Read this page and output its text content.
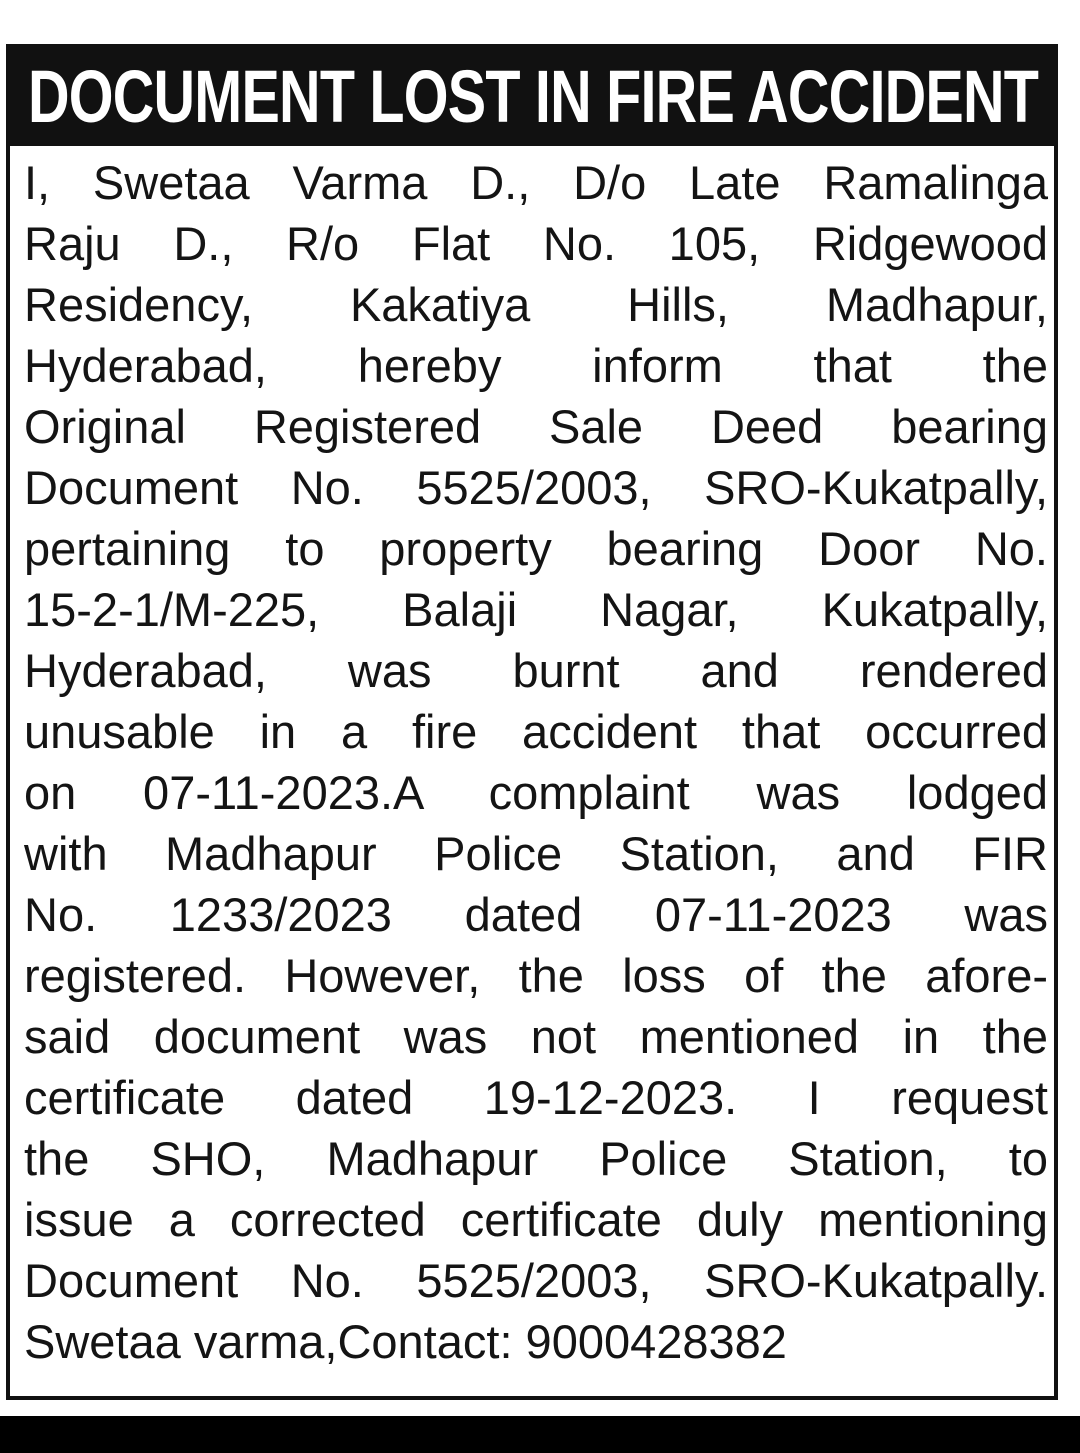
DOCUMENT LOST IN FIRE ACCIDENT
I, Swetaa Varma D., D/o Late Ramalinga
Raju D., R/o Flat No. 105, Ridgewood
Residency, Kakatiya Hills, Madhapur,
Hyderabad, hereby inform that the
Original Registered Sale Deed bearing
Document No. 5525/2003, SRO-Kukatpally,
pertaining to property bearing Door No.
15-2-1/M-225, Balaji Nagar, Kukatpally,
Hyderabad, was burnt and rendered
unusable in a fire accident that occurred
on 07-11-2023.A complaint was lodged
with Madhapur Police Station, and FIR
No. 1233/2023 dated 07-11-2023 was
registered. However, the loss of the afore-
said document was not mentioned in the
certificate dated 19-12-2023. I request
the SHO, Madhapur Police Station, to
issue a corrected certificate duly mentioning
Document No. 5525/2003, SRO-Kukatpally.
Swetaa varma,Contact: 9000428382
